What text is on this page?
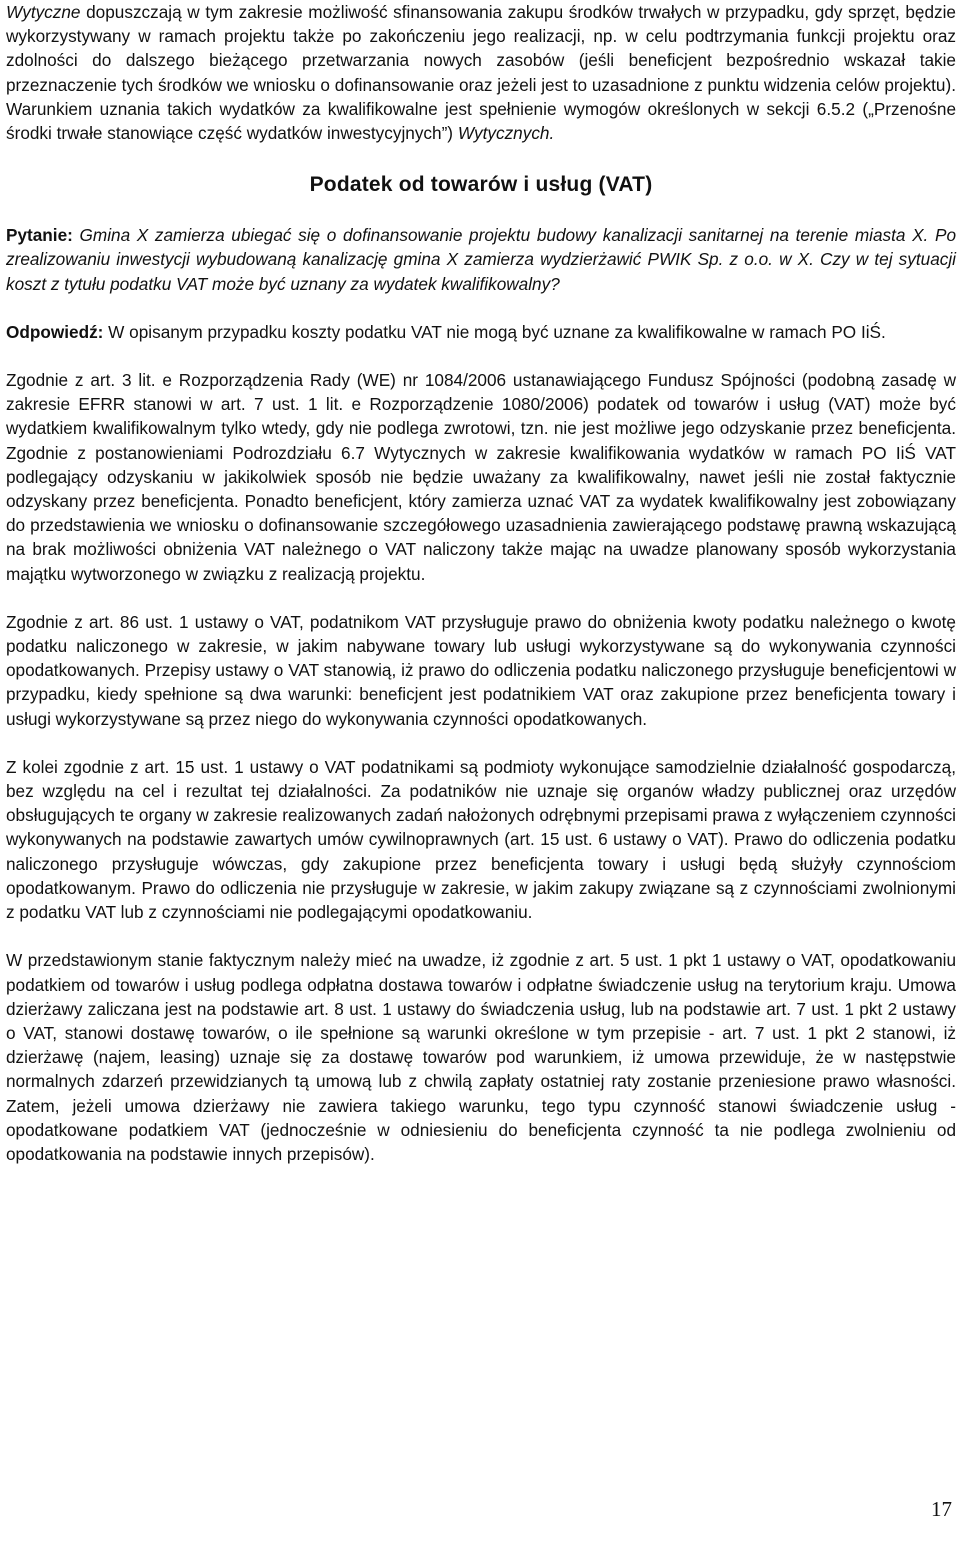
Wytyczne dopuszczają w tym zakresie możliwość sfinansowania zakupu środków trwałych w przypadku, gdy sprzęt, będzie wykorzystywany w ramach projektu także po zakończeniu jego realizacji, np. w celu podtrzymania funkcji projektu oraz zdolności do dalszego bieżącego przetwarzania nowych zasobów (jeśli beneficjent bezpośrednio wskazał takie przeznaczenie tych środków we wniosku o dofinansowanie oraz jeżeli jest to uzasadnione z punktu widzenia celów projektu). Warunkiem uznania takich wydatków za kwalifikowalne jest spełnienie wymogów określonych w sekcji 6.5.2 („Przenośne środki trwałe stanowiące część wydatków inwestycyjnych”) Wytycznych.

Podatek od towarów i usług (VAT)

Pytanie: Gmina X zamierza ubiegać się o dofinansowanie projektu budowy kanalizacji sanitarnej na terenie miasta X. Po zrealizowaniu inwestycji wybudowaną kanalizację gmina X zamierza wydzierżawić PWIK Sp. z o.o. w X. Czy w tej sytuacji koszt z tytułu podatku VAT może być uznany za wydatek kwalifikowalny?

Odpowiedź: W opisanym przypadku koszty podatku VAT nie mogą być uznane za kwalifikowalne w ramach PO IiŚ.

Zgodnie z art. 3 lit. e Rozporządzenia Rady (WE) nr 1084/2006 ustanawiającego Fundusz Spójności (podobną zasadę w zakresie EFRR stanowi w art. 7 ust. 1 lit. e Rozporządzenie 1080/2006) podatek od towarów i usług (VAT) może być wydatkiem kwalifikowalnym tylko wtedy, gdy nie podlega zwrotowi, tzn. nie jest możliwe jego odzyskanie przez beneficjenta. Zgodnie z postanowieniami Podrozdziału 6.7 Wytycznych w zakresie kwalifikowania wydatków w ramach PO IiŚ VAT podlegający odzyskaniu w jakikolwiek sposób nie będzie uważany za kwalifikowalny, nawet jeśli nie został faktycznie odzyskany przez beneficjenta. Ponadto beneficjent, który zamierza uznać VAT za wydatek kwalifikowalny jest zobowiązany do przedstawienia we wniosku o dofinansowanie szczegółowego uzasadnienia zawierającego podstawę prawną wskazującą na brak możliwości obniżenia VAT należnego o VAT naliczony także mając na uwadze planowany sposób wykorzystania majątku wytworzonego w związku z realizacją projektu.

Zgodnie z art. 86 ust. 1 ustawy o VAT, podatnikom VAT przysługuje prawo do obniżenia kwoty podatku należnego o kwotę podatku naliczonego w zakresie, w jakim nabywane towary lub usługi wykorzystywane są do wykonywania czynności opodatkowanych. Przepisy ustawy o VAT stanowią, iż prawo do odliczenia podatku naliczonego przysługuje beneficjentowi w przypadku, kiedy spełnione są dwa warunki: beneficjent jest podatnikiem VAT oraz zakupione przez beneficjenta towary i usługi wykorzystywane są przez niego do wykonywania czynności opodatkowanych.

Z kolei zgodnie z art. 15 ust. 1 ustawy o VAT podatnikami są podmioty wykonujące samodzielnie działalność gospodarczą, bez względu na cel i rezultat tej działalności. Za podatników nie uznaje się organów władzy publicznej oraz urzędów obsługujących te organy w zakresie realizowanych zadań nałożonych odrębnymi przepisami prawa z wyłączeniem czynności wykonywanych na podstawie zawartych umów cywilnoprawnych (art. 15 ust. 6 ustawy o VAT). Prawo do odliczenia podatku naliczonego przysługuje wówczas, gdy zakupione przez beneficjenta towary i usługi będą służyły czynnościom opodatkowanym. Prawo do odliczenia nie przysługuje w zakresie, w jakim zakupy związane są z czynnościami zwolnionymi z podatku VAT lub z czynnościami nie podlegającymi opodatkowaniu.

W przedstawionym stanie faktycznym należy mieć na uwadze, iż zgodnie z art. 5 ust. 1 pkt 1 ustawy o VAT, opodatkowaniu podatkiem od towarów i usług podlega odpłatna dostawa towarów i odpłatne świadczenie usług na terytorium kraju. Umowa dzierżawy zaliczana jest na podstawie art. 8 ust. 1 ustawy do świadczenia usług, lub na podstawie art. 7 ust. 1 pkt 2 ustawy o VAT, stanowi dostawę towarów, o ile spełnione są warunki określone w tym przepisie - art. 7 ust. 1 pkt 2 stanowi, iż dzierżawę (najem, leasing) uznaje się za dostawę towarów pod warunkiem, iż umowa przewiduje, że w następstwie normalnych zdarzeń przewidzianych tą umową lub z chwilą zapłaty ostatniej raty zostanie przeniesione prawo własności. Zatem, jeżeli umowa dzierżawy nie zawiera takiego warunku, tego typu czynność stanowi świadczenie usług - opodatkowane podatkiem VAT (jednocześnie w odniesieniu do beneficjenta czynność ta nie podlega zwolnieniu od opodatkowania na podstawie innych przepisów).

17
